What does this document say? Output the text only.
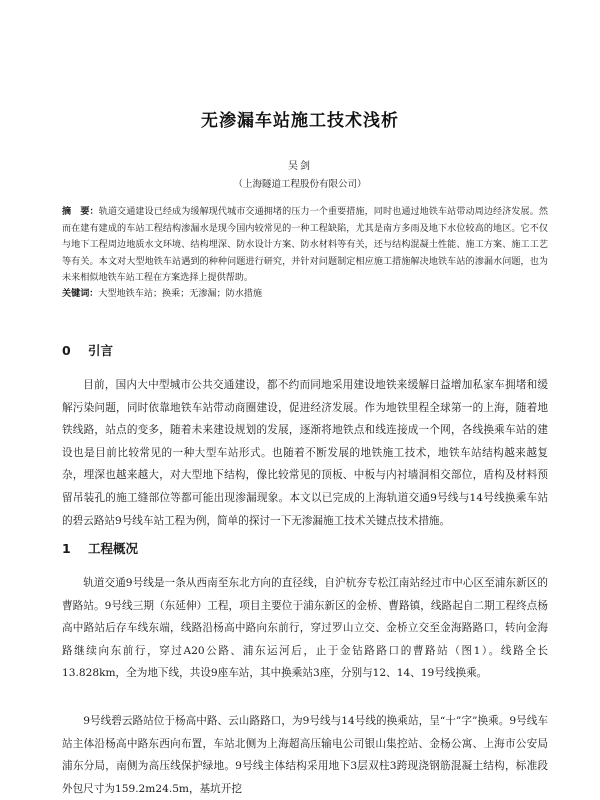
无渗漏车站施工技术浅析
吴剑
（上海隧道工程股份有限公司）

摘　要：轨道交通建设已经成为缓解现代城市交通拥堵的压力一个重要措施，同时也通过地铁车站带动周边经济发展。然而在建有建成的车站工程结构渗漏水是现今国内较常见的一种工程缺陷，尤其是南方多雨及地下水位较高的地区。它不仅与地下工程周边地质水文环境、结构埋深、防水设计方案、防水材料等有关，还与结构混凝土性能、施工方案、施工工艺等有关。本文对大型地铁车站遇到的种种问题进行研究，并针对问题制定相应施工措施解决地铁车站的渗漏水问题，也为未来相似地铁车站工程在方案选择上提供帮助。

关键词：大型地铁车站；换乘；无渗漏；防水措施

0 引言

目前，国内大中型城市公共交通建设，都不约而同地采用建设地铁来缓解日益增加私家车拥堵和缓解污染问题，同时依靠地铁车站带动商圈建设，促进经济发展。作为地铁里程全球第一的上海，随着地铁线路，站点的变多，随着未来建设规划的发展，逐渐将地铁点和线连接成一个网，各线换乘车站的建设也是目前比较常见的一种大型车站形式。也随着不断发展的地铁施工技术，地铁车站结构越来越复杂，埋深也越来越大，对大型地下结构，像比较常见的顶板、中板与内衬墙洞相交部位，盾构及材料预留吊装孔的施工缝部位等都可能出现渗漏现象。本文以已完成的上海轨道交通9号线与14号线换乘车站的碧云路站9号线车站工程为例，简单的探讨一下无渗漏施工技术关键点技术措施。

1 工程概况

轨道交通9号线是一条从西南至东北方向的直径线，自沪杭夯专松江南站经过市中心区至浦东新区的曹路站。9号线三期（东延伸）工程，项目主要位于浦东新区的金桥、曹路镇，线路起自二期工程终点杨高中路站后存车线东端，线路沿杨高中路向东前行，穿过罗山立交、金桥立交至金海路路口，转向金海路继续向东前行，穿过A20公路、浦东运河后，止于金钻路路口的曹路站（图1）。线路全长13.828km，全为地下线，共设9座车站，其中换乘站3座，分别与12、14、19号线换乘。

9号线碧云路站位于杨高中路、云山路路口，为9号线与14号线的换乘站，呈“十”字”换乘。9号线车站主体沿杨高中路东西向布置，车站北侧为上海超高压输电公司银山集控站、金杨公寓、上海市公安局浦东分局，南侧为高压线保护绿地。9号线主体结构采用地下3层双柱3跨现浇钢筋混凝土结构，标准段外包尺寸为159.2m24.5m，基坑开挖
